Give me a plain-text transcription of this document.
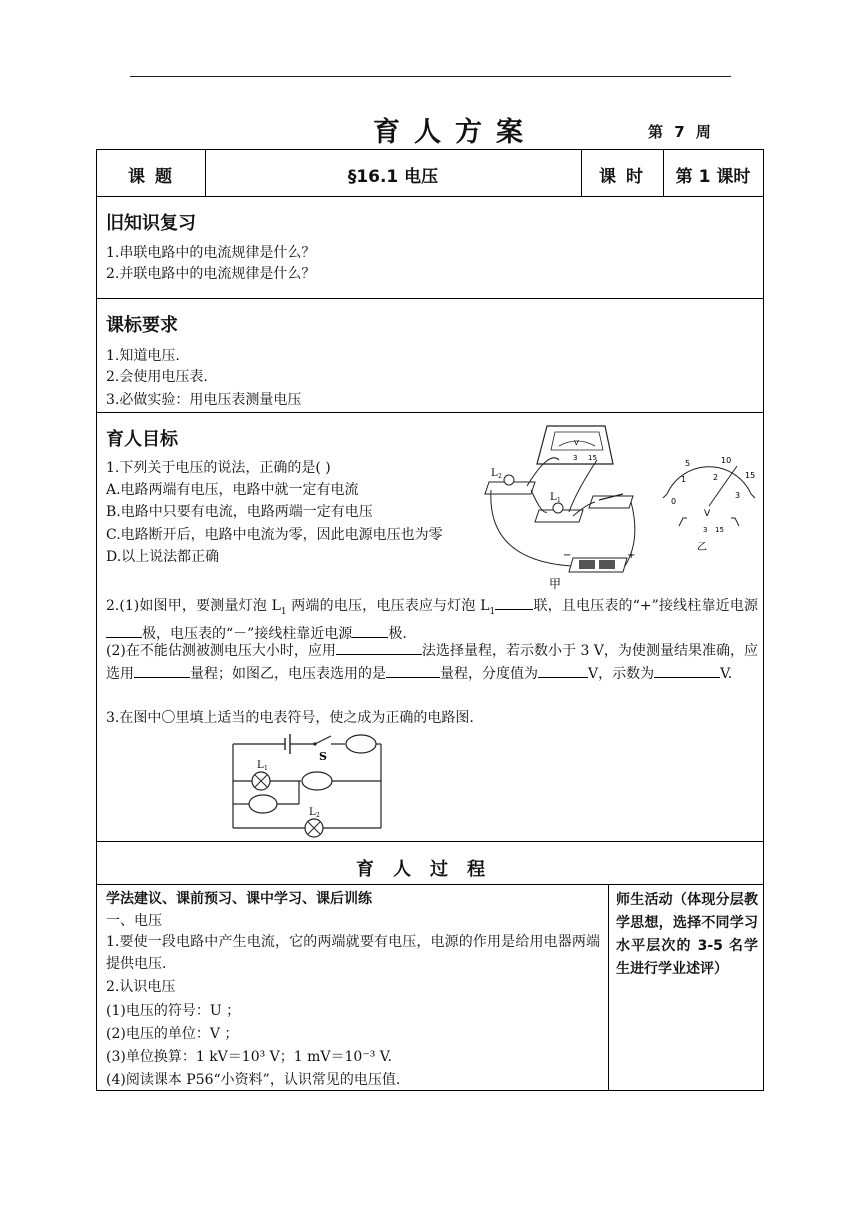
育人方案	第 7 周
课 题	§16.1 电压	课 时	第 1 课时
旧知识复习
1.串联电路中的电流规律是什么？
2.并联电路中的电流规律是什么？
课标要求
1.知道电压.
2.会使用电压表.
3.必做实验：用电压表测量电压
育人目标
1.下列关于电压的说法，正确的是( )
A.电路两端有电压，电路中就一定有电流
B.电路中只要有电流，电路两端一定有电压
C.电路断开后，电路中电流为零，因此电源电压也为零
D.以上说法都正确
V
– 3 15
L 2
L 1
−	+
甲
0
1
5
2
10
3
15
V
3 15
乙
2.(1)如图甲，要测量灯泡 $L_1$ 两端的电压，电压表应与灯泡 $L_1$	联，且电压表的“+”接线柱靠近电源极，电压表的“－”接线柱靠近电源	极.
(2)在不能估测被测电压大小时，应用	法选择量程，若示数小于 3 V，为使测量结果准确，应选用	量程；如图乙，电压表选用的是	量程，分度值为	V，示数为	V.
3.在图中〇里填上适当的电表符号，使之成为正确的电路图.
S
L 1
L 2
育人过程
学法建议、课前预习、课中学习、课后训练
一、电压
1.要使一段电路中产生电流，它的两端就要有电压，电源的作用是给用电器两端提供电压.
2.认识电压
(1)电压的符号：U ；
(2)电压的单位：V ；
(3)单位换算：1 kV＝10³ V；1 mV＝10⁻³ V.
(4)阅读课本 P56“小资料”，认识常见的电压值.
师生活动（体现分层教学思想，选择不同学习水平层次的 3-5 名学生进行学业述评）
